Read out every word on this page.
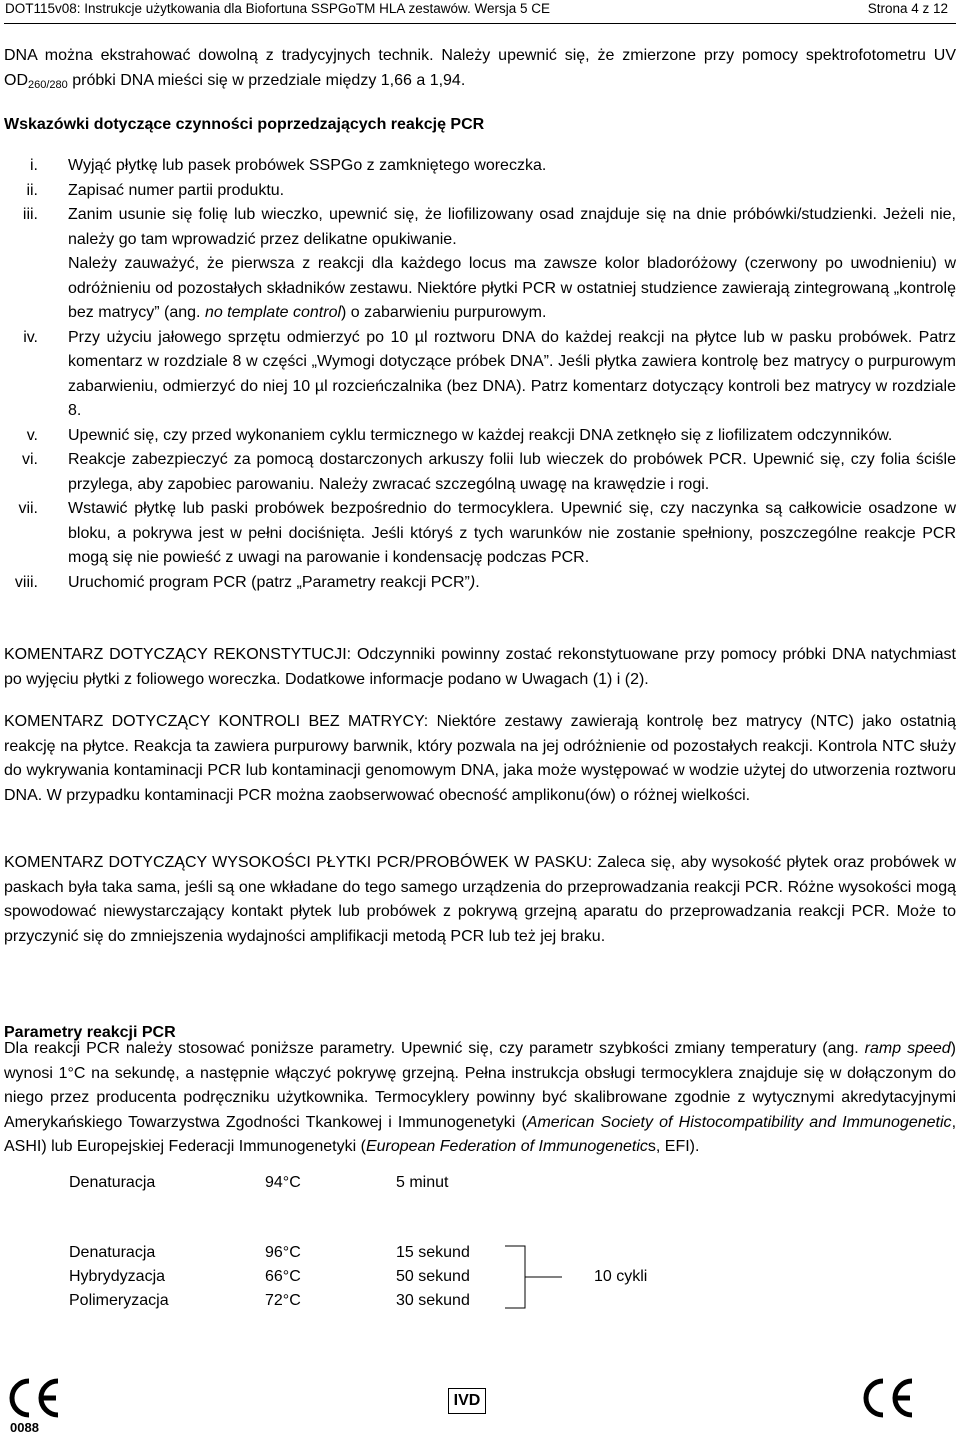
DOT115v08: Instrukcje użytkowania dla Biofortuna SSPGoTM HLA zestawów. Wersja 5 CE	Strona 4 z 12
DNA można ekstrahować dowolną z tradycyjnych technik. Należy upewnić się, że zmierzone przy pomocy spektrofotometru UV $OD_{260/280}$ próbki DNA mieści się w przedziale między 1,66 a 1,94.
Wskazówki dotyczące czynności poprzedzających reakcję PCR
i. Wyjąć płytkę lub pasek probówek SSPGo z zamkniętego woreczka.
ii. Zapisać numer partii produktu.
iii. Zanim usunie się folię lub wieczko, upewnić się, że liofilizowany osad znajduje się na dnie próbówki/studzienki. Jeżeli nie, należy go tam wprowadzić przez delikatne opukiwanie.
Należy zauważyć, że pierwsza z reakcji dla każdego locus ma zawsze kolor bladoróżowy (czerwony po uwodnieniu) w odróżnieniu od pozostałych składników zestawu. Niektóre płytki PCR w ostatniej studzience zawierają zintegrowaną „kontrolę bez matrycy” (ang. no template control) o zabarwieniu purpurowym.
iv. Przy użyciu jałowego sprzętu odmierzyć po 10 µl roztworu DNA do każdej reakcji na płytce lub w pasku probówek. Patrz komentarz w rozdziale 8 w części „Wymogi dotyczące próbek DNA”. Jeśli płytka zawiera kontrolę bez matrycy o purpurowym zabarwieniu, odmierzyć do niej 10 µl rozcieńczalnika (bez DNA). Patrz komentarz dotyczący kontroli bez matrycy w rozdziale 8.
v. Upewnić się, czy przed wykonaniem cyklu termicznego w każdej reakcji DNA zetknęło się z liofilizatem odczynników.
vi. Reakcje zabezpieczyć za pomocą dostarczonych arkuszy folii lub wieczek do probówek PCR. Upewnić się, czy folia ściśle przylega, aby zapobiec parowaniu. Należy zwracać szczególną uwagę na krawędzie i rogi.
vii. Wstawić płytkę lub paski probówek bezpośrednio do termocyklera. Upewnić się, czy naczynka są całkowicie osadzone w bloku, a pokrywa jest w pełni dociśnięta. Jeśli któryś z tych warunków nie zostanie spełniony, poszczególne reakcje PCR mogą się nie powieść z uwagi na parowanie i kondensację podczas PCR.
viii. Uruchomić program PCR (patrz „Parametry reakcji PCR”).
KOMENTARZ DOTYCZĄCY REKONSTYTUCJI: Odczynniki powinny zostać rekonstytuowane przy pomocy próbki DNA natychmiast po wyjęciu płytki z foliowego woreczka. Dodatkowe informacje podano w Uwagach (1) i (2).
KOMENTARZ DOTYCZĄCY KONTROLI BEZ MATRYCY: Niektóre zestawy zawierają kontrolę bez matrycy (NTC) jako ostatnią reakcję na płytce. Reakcja ta zawiera purpurowy barwnik, który pozwala na jej odróżnienie od pozostałych reakcji. Kontrola NTC służy do wykrywania kontaminacji PCR lub kontaminacji genomowym DNA, jaka może występować w wodzie użytej do utworzenia roztworu DNA. W przypadku kontaminacji PCR można zaobserwować obecność amplikonu(ów) o różnej wielkości.
KOMENTARZ DOTYCZĄCY WYSOKOŚCI PŁYTKI PCR/PROBÓWEK W PASKU: Zaleca się, aby wysokość płytek oraz probówek w paskach była taka sama, jeśli są one wkładane do tego samego urządzenia do przeprowadzania reakcji PCR. Różne wysokości mogą spowodować niewystarczający kontakt płytek lub probówek z pokrywą grzejną aparatu do przeprowadzania reakcji PCR. Może to przyczynić się do zmniejszenia wydajności amplifikacji metodą PCR lub też jej braku.
Parametry reakcji PCR
Dla reakcji PCR należy stosować poniższe parametry. Upewnić się, czy parametr szybkości zmiany temperatury (ang. ramp speed) wynosi 1°C na sekundę, a następnie włączyć pokrywę grzejną. Pełna instrukcja obsługi termocyklera znajduje się w dołączonym do niego przez producenta podręczniku użytkownika. Termocyklery powinny być skalibrowane zgodnie z wytycznymi akredytacyjnymi Amerykańskiego Towarzystwa Zgodności Tkankowej i Immunogenetyki (American Society of Histocompatibility and Immunogenetic, ASHI) lub Europejskiej Federacji Immunogenetyki (European Federation of Immunogenetics, EFI).
Denaturacja	94°C	5 minut
Denaturacja	96°C	15 sekund
Hybrydyzacja	66°C	50 sekund	10 cykli
Polimeryzacja	72°C	30 sekund
0088
IVD
